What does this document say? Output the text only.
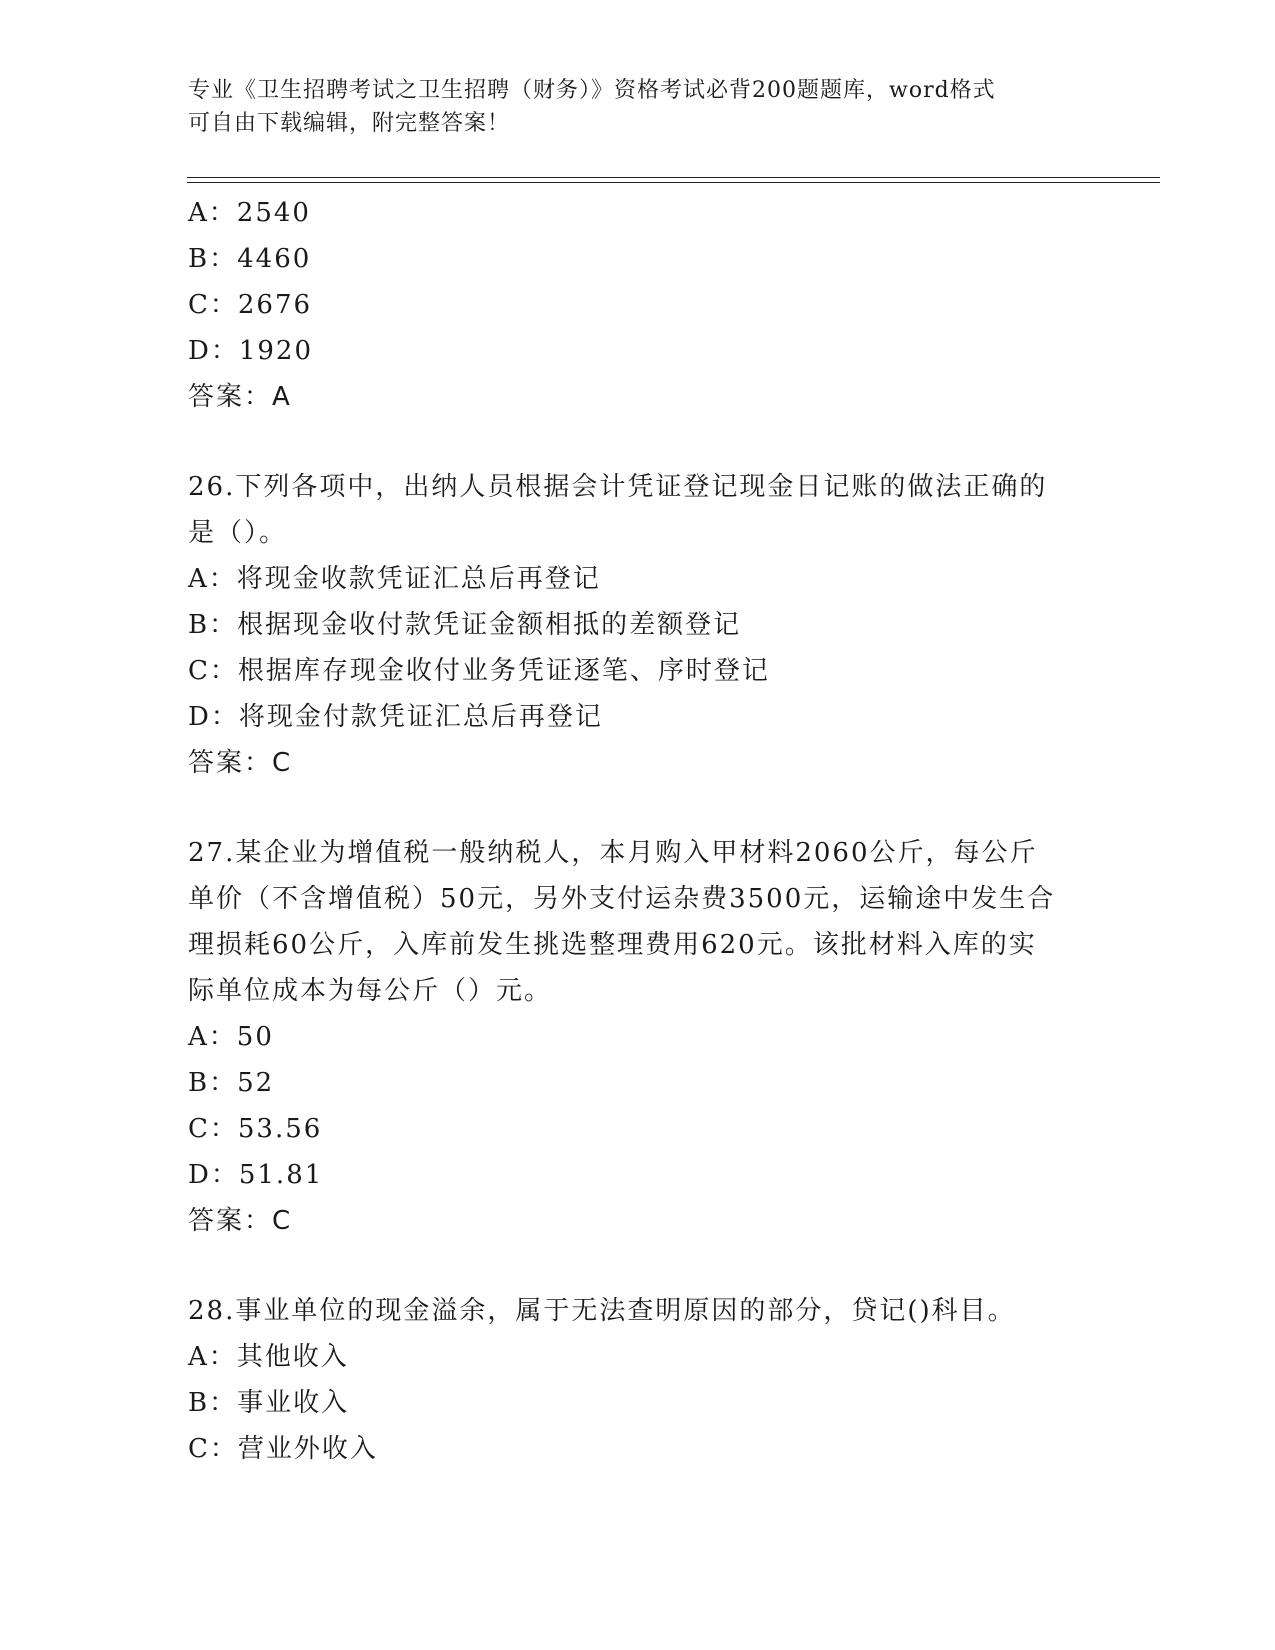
专业《卫生招聘考试之卫生招聘（财务）》资格考试必背200题题库，word格式
可自由下载编辑，附完整答案！
A：2540
B：4460
C：2676
D：1920
答案：A
26.下列各项中，出纳人员根据会计凭证登记现金日记账的做法正确的
是（）。
A：将现金收款凭证汇总后再登记
B：根据现金收付款凭证金额相抵的差额登记
C：根据库存现金收付业务凭证逐笔、序时登记
D：将现金付款凭证汇总后再登记
答案：C
27.某企业为增值税一般纳税人，本月购入甲材料2060公斤，每公斤
单价（不含增值税）50元，另外支付运杂费3500元，运输途中发生合
理损耗60公斤，入库前发生挑选整理费用620元。该批材料入库的实
际单位成本为每公斤（）元。
A：50
B：52
C：53.56
D：51.81
答案：C
28.事业单位的现金溢余，属于无法查明原因的部分，贷记()科目。
A：其他收入
B：事业收入
C：营业外收入
